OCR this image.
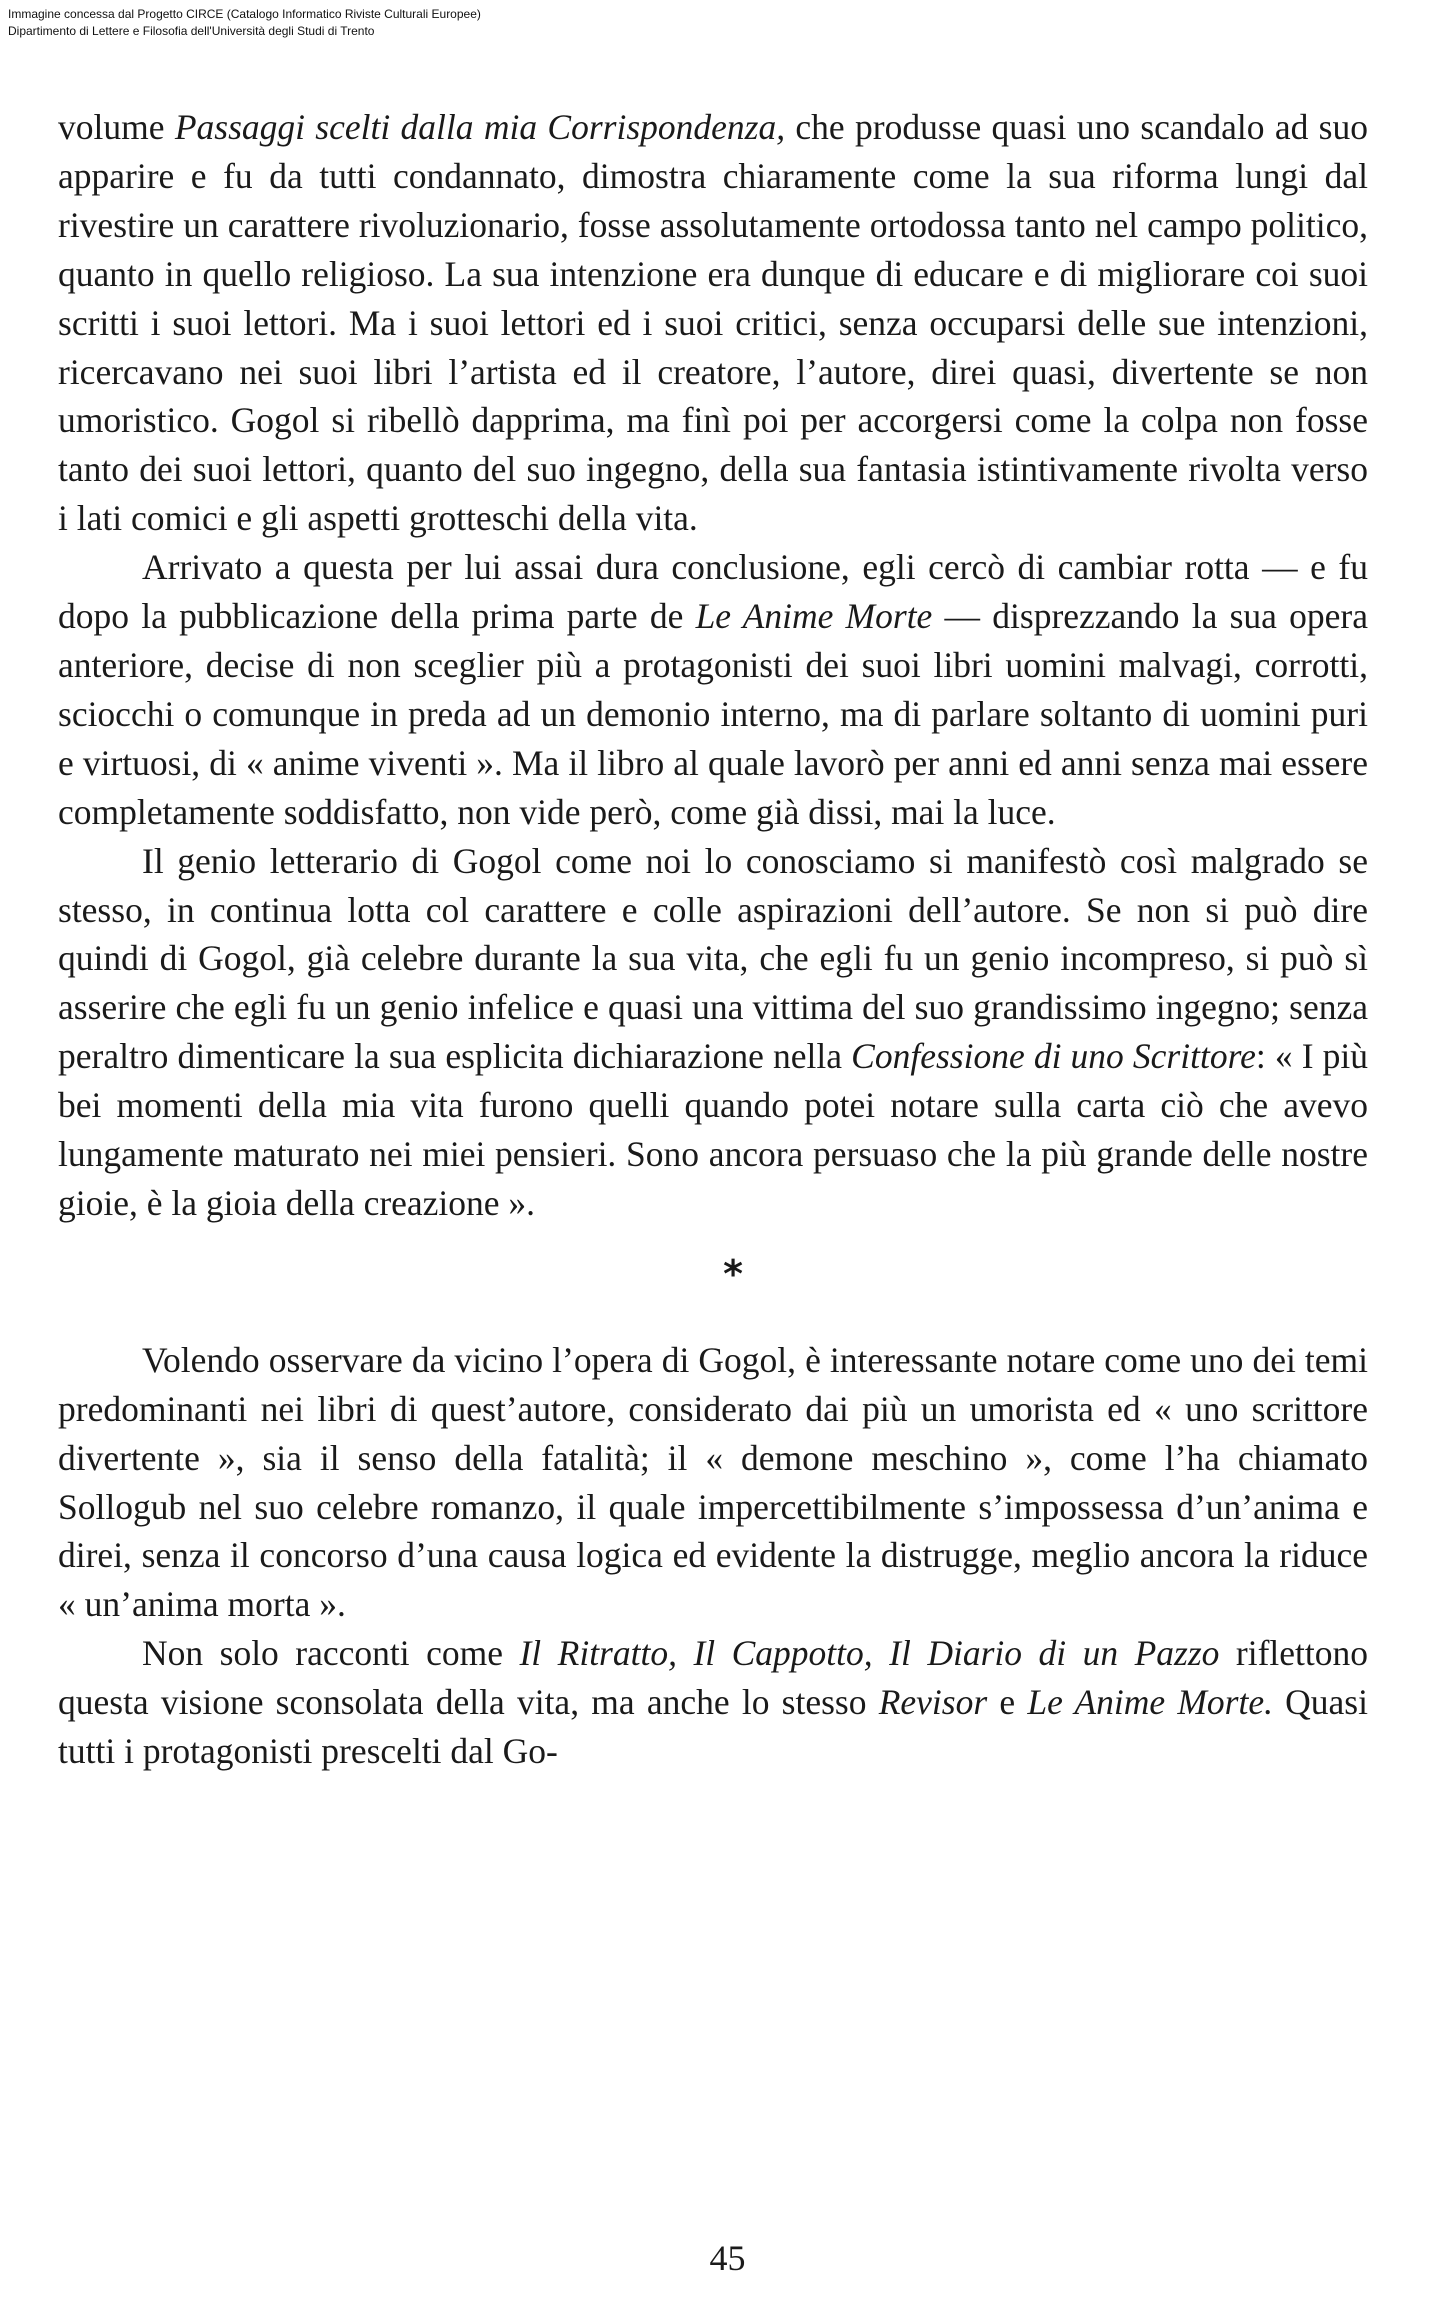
Immagine concessa dal Progetto CIRCE (Catalogo Informatico Riviste Culturali Europee)
Dipartimento di Lettere e Filosofia dell'Università degli Studi di Trento

volume Passaggi scelti dalla mia Corrispondenza, che produsse quasi uno scandalo ad suo apparire e fu da tutti condannato, dimostra chiaramente come la sua riforma lungi dal rivestire un carattere rivoluzionario, fosse assolutamente ortodossa tanto nel campo politico, quanto in quello religioso. La sua intenzione era dunque di educare e di migliorare coi suoi scritti i suoi lettori. Ma i suoi lettori ed i suoi critici, senza occuparsi delle sue intenzioni, ricercavano nei suoi libri l’artista ed il creatore, l’autore, direi quasi, divertente se non umoristico. Gogol si ribellò dapprima, ma finì poi per accorgersi come la colpa non fosse tanto dei suoi lettori, quanto del suo ingegno, della sua fantasia istintivamente rivolta verso i lati comici e gli aspetti grotteschi della vita.

Arrivato a questa per lui assai dura conclusione, egli cercò di cambiar rotta — e fu dopo la pubblicazione della prima parte de Le Anime Morte — disprezzando la sua opera anteriore, decise di non sceglier più a protagonisti dei suoi libri uomini malvagi, corrotti, sciocchi o comunque in preda ad un demonio interno, ma di parlare soltanto di uomini puri e virtuosi, di « anime viventi ». Ma il libro al quale lavorò per anni ed anni senza mai essere completamente soddisfatto, non vide però, come già dissi, mai la luce.

Il genio letterario di Gogol come noi lo conosciamo si manifestò così malgrado se stesso, in continua lotta col carattere e colle aspirazioni dell’autore. Se non si può dire quindi di Gogol, già celebre durante la sua vita, che egli fu un genio incompreso, si può sì asserire che egli fu un genio infelice e quasi una vittima del suo grandissimo ingegno; senza peraltro dimenticare la sua esplicita dichiarazione nella Confessione di uno Scrittore: « I più bei momenti della mia vita furono quelli quando potei notare sulla carta ciò che avevo lungamente maturato nei miei pensieri. Sono ancora persuaso che la più grande delle nostre gioie, è la gioia della creazione ».

*

Volendo osservare da vicino l’opera di Gogol, è interessante notare come uno dei temi predominanti nei libri di quest’autore, considerato dai più un umorista ed « uno scrittore divertente », sia il senso della fatalità; il « demone meschino », come l’ha chiamato Sollogub nel suo celebre romanzo, il quale impercettibilmente s’impossessa d’un’anima e direi, senza il concorso d’una causa logica ed evidente la distrugge, meglio ancora la riduce « un’anima morta ».

Non solo racconti come Il Ritratto, Il Cappotto, Il Diario di un Pazzo riflettono questa visione sconsolata della vita, ma anche lo stesso Revisor e Le Anime Morte. Quasi tutti i protagonisti prescelti dal Go-

45
